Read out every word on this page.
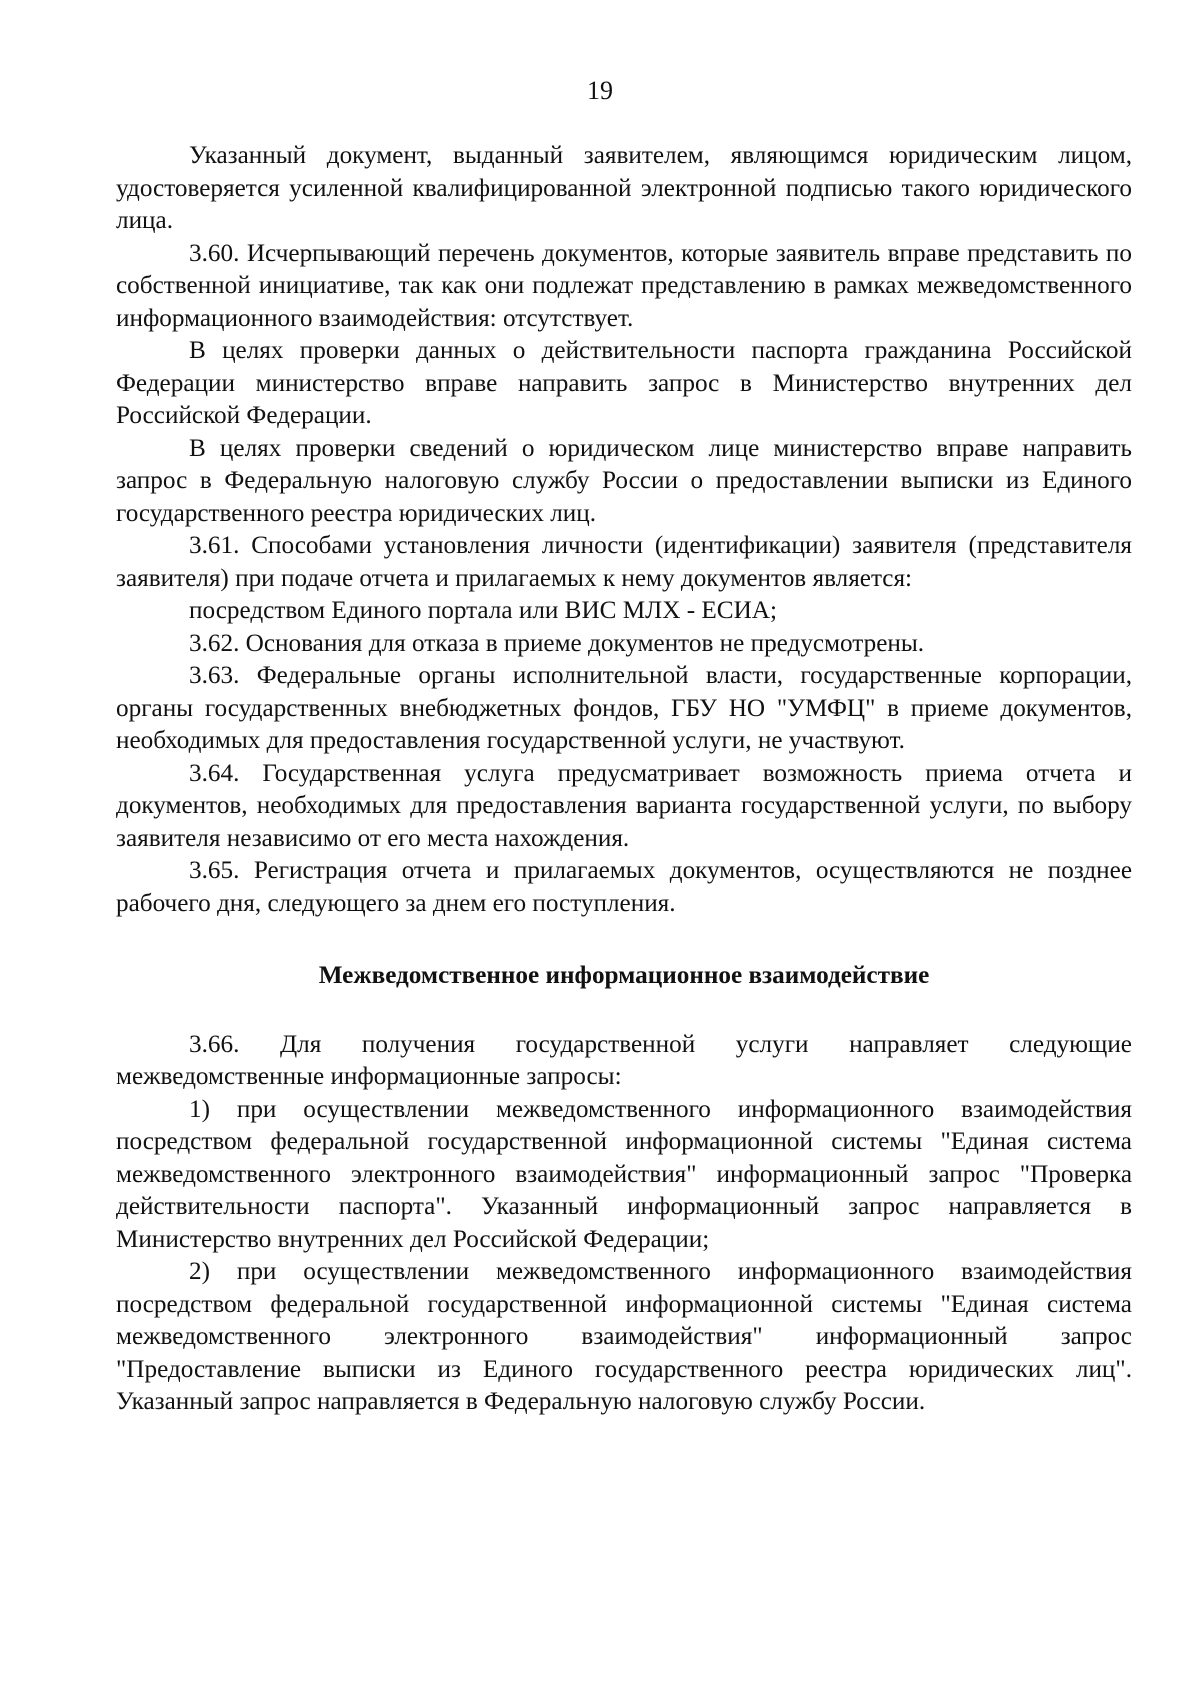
19

Указанный документ, выданный заявителем, являющимся юридическим лицом, удостоверяется усиленной квалифицированной электронной подписью такого юридического лица.

3.60. Исчерпывающий перечень документов, которые заявитель вправе представить по собственной инициативе, так как они подлежат представлению в рамках межведомственного информационного взаимодействия: отсутствует.

В целях проверки данных о действительности паспорта гражданина Российской Федерации министерство вправе направить запрос в Министерство внутренних дел Российской Федерации.

В целях проверки сведений о юридическом лице министерство вправе направить запрос в Федеральную налоговую службу России о предоставлении выписки из Единого государственного реестра юридических лиц.

3.61. Способами установления личности (идентификации) заявителя (представителя заявителя) при подаче отчета и прилагаемых к нему документов является:

посредством Единого портала или ВИС МЛХ - ЕСИА;

3.62. Основания для отказа в приеме документов не предусмотрены.

3.63. Федеральные органы исполнительной власти, государственные корпорации, органы государственных внебюджетных фондов, ГБУ НО "УМФЦ" в приеме документов, необходимых для предоставления государственной услуги, не участвуют.

3.64. Государственная услуга предусматривает возможность приема отчета и документов, необходимых для предоставления варианта государственной услуги, по выбору заявителя независимо от его места нахождения.

3.65. Регистрация отчета и прилагаемых документов, осуществляются не позднее рабочего дня, следующего за днем его поступления.

Межведомственное информационное взаимодействие

3.66. Для получения государственной услуги направляет следующие межведомственные информационные запросы:

1) при осуществлении межведомственного информационного взаимодействия посредством федеральной государственной информационной системы "Единая система межведомственного электронного взаимодействия" информационный запрос "Проверка действительности паспорта". Указанный информационный запрос направляется в Министерство внутренних дел Российской Федерации;

2) при осуществлении межведомственного информационного взаимодействия посредством федеральной государственной информационной системы "Единая система межведомственного электронного взаимодействия" информационный запрос "Предоставление выписки из Единого государственного реестра юридических лиц". Указанный запрос направляется в Федеральную налоговую службу России.
